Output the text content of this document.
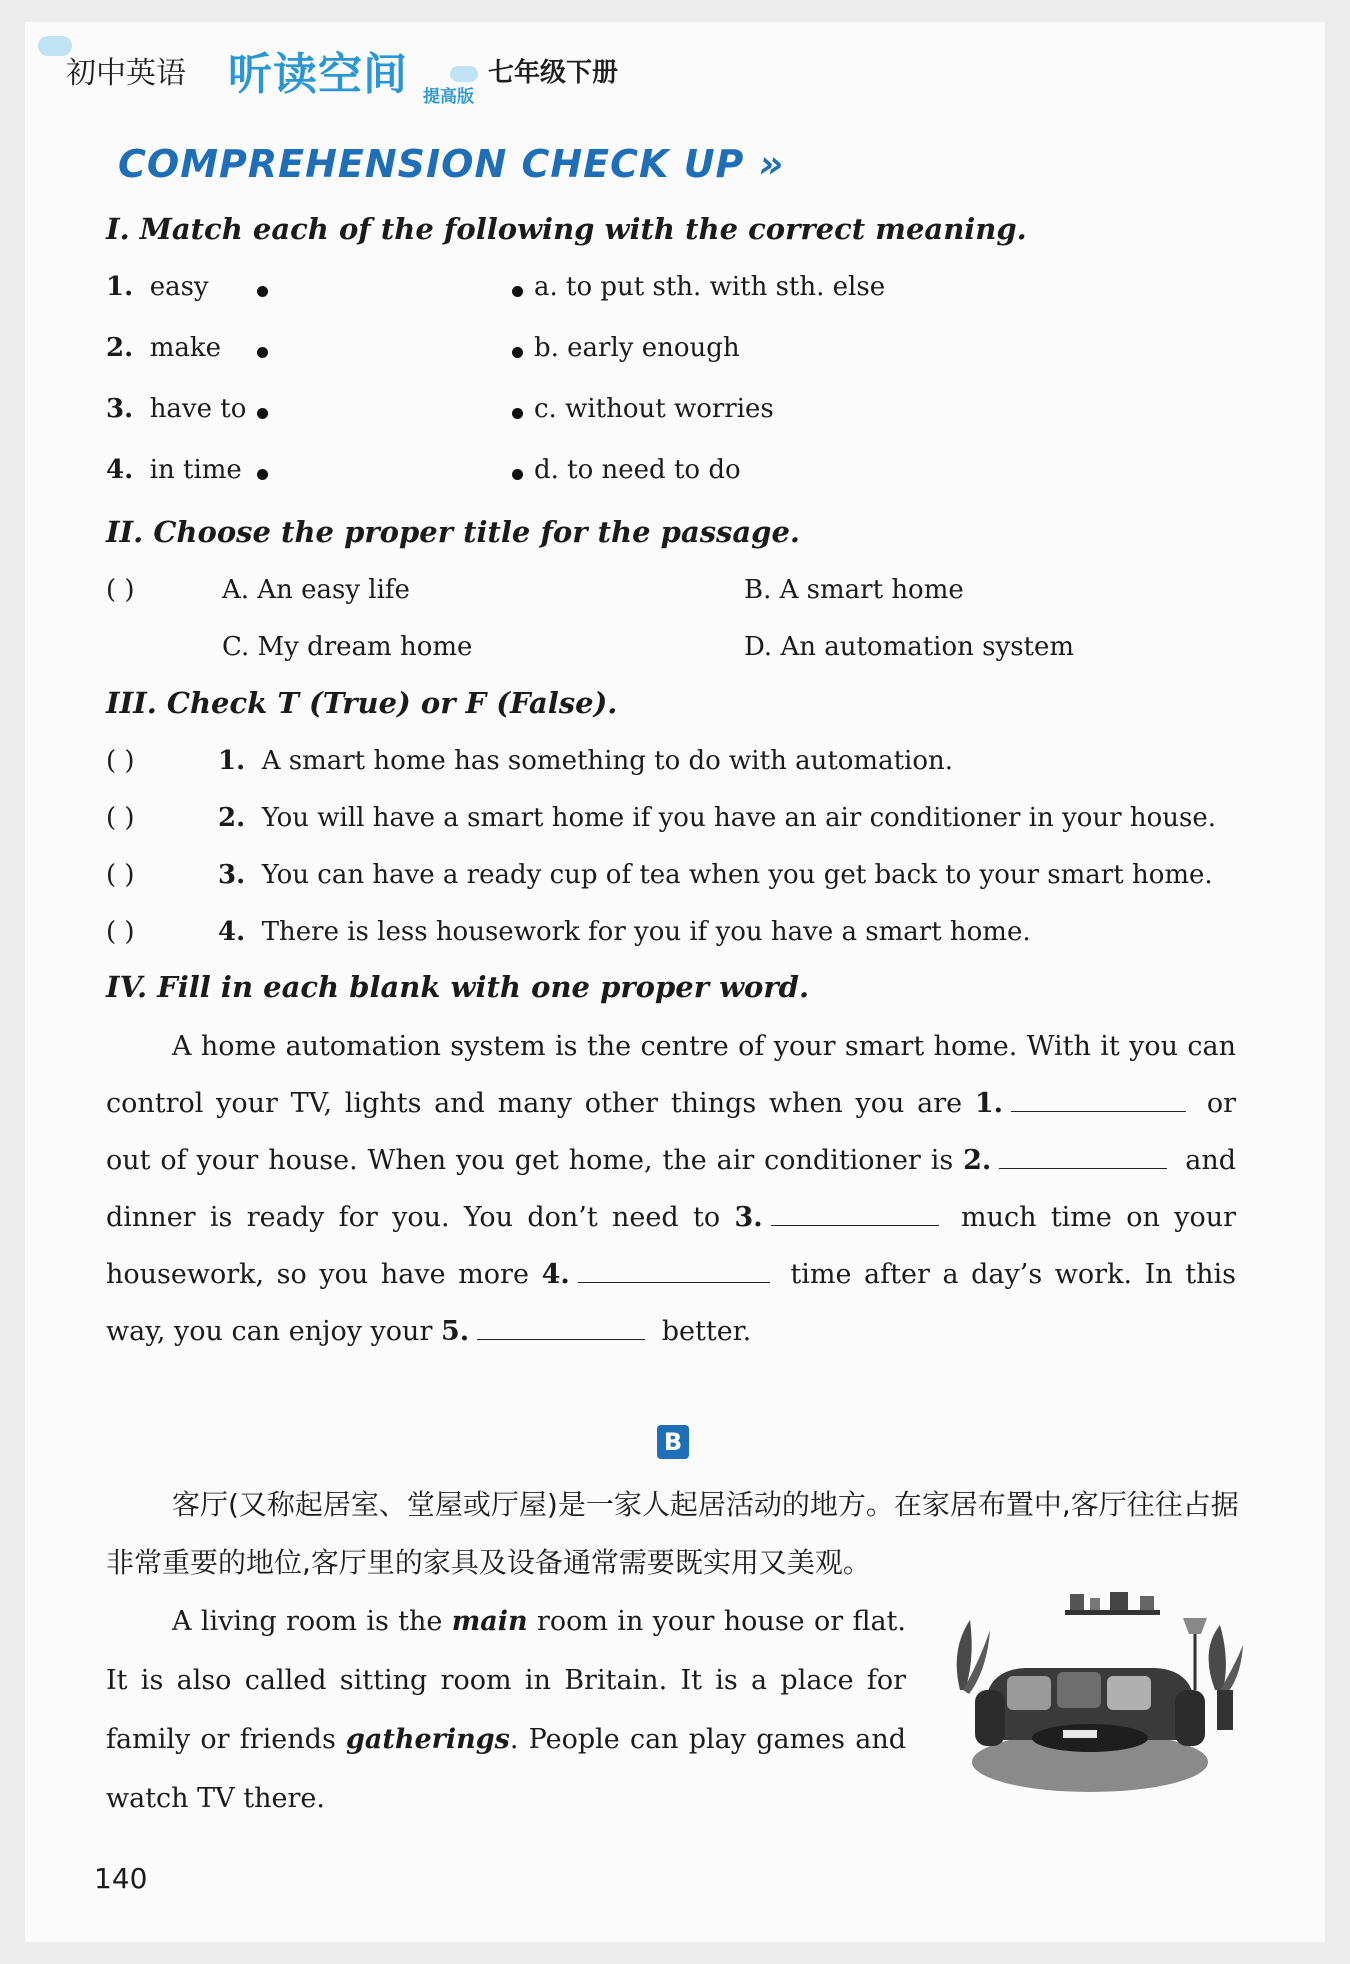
初中英语 听读空间 提高版
七年级下册
COMPREHENSION CHECK UP »
I. Match each of the following with the correct meaning.
1. easy	a. to put sth. with sth. else
2. make	b. early enough
3. have to	c. without worries
4. in time	d. to need to do
II. Choose the proper title for the passage.
( )	A. An easy life	B. A smart home
C. My dream home	D. An automation system
III. Check T (True) or F (False).
( )	1. A smart home has something to do with automation.
( )	2. You will have a smart home if you have an air conditioner in your house.
( )	3. You can have a ready cup of tea when you get back to your smart home.
( )	4. There is less housework for you if you have a smart home.
IV. Fill in each blank with one proper word.
A home automation system is the centre of your smart home. With it you can control your TV, lights and many other things when you are 1.	or out of your house. When you get home, the air conditioner is 2.	and dinner is ready for you. You don’t need to 3.	much time on your housework, so you have more 4.	time after a day’s work. In this way, you can enjoy your 5.	better.
B
客厅(又称起居室、堂屋或厅屋)是一家人起居活动的地方。在家居布置中,客厅往往占据非常重要的地位,客厅里的家具及设备通常需要既实用又美观。
A living room is the main room in your house or flat. It is also called sitting room in Britain. It is a place for family or friends gatherings. People can play games and watch TV there.
140
